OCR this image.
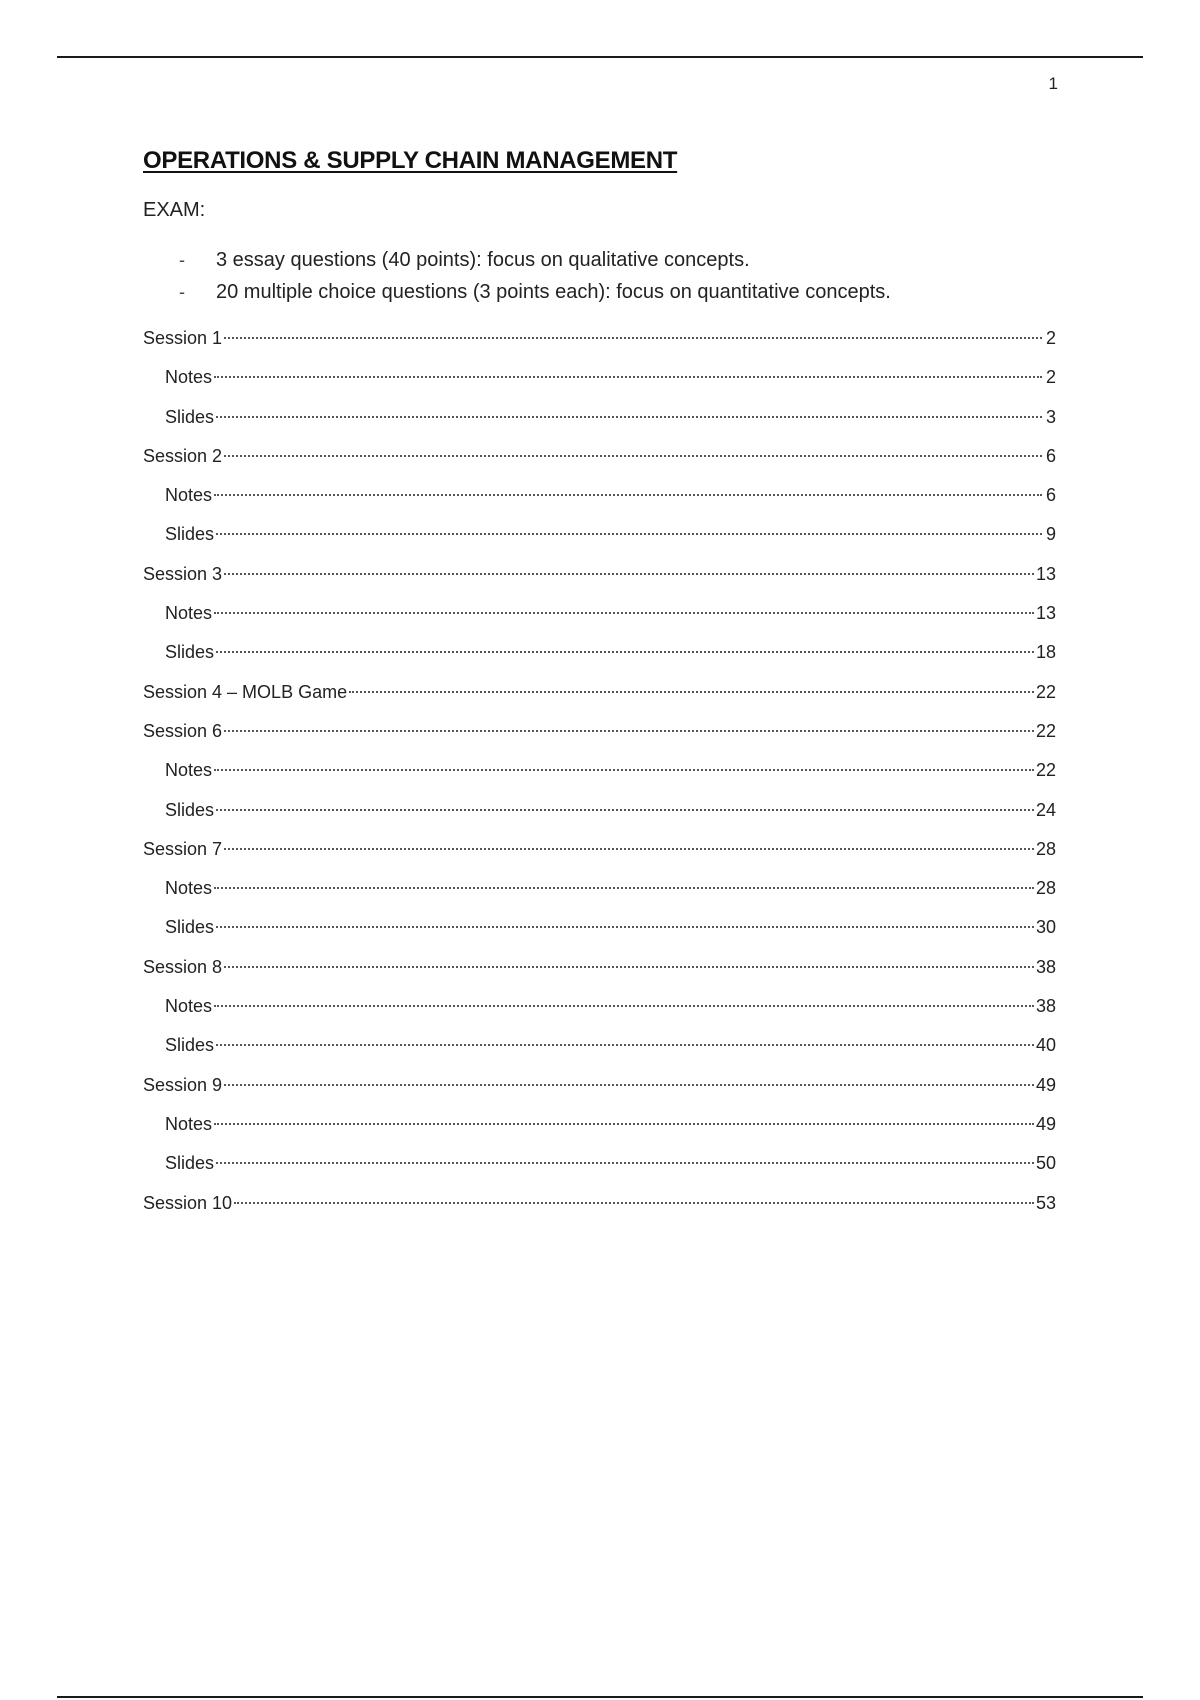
1
OPERATIONS & SUPPLY CHAIN MANAGEMENT
EXAM:
- 3 essay questions (40 points): focus on qualitative concepts.
- 20 multiple choice questions (3 points each): focus on quantitative concepts.
Session 1	2
Notes	2
Slides	3
Session 2	6
Notes	6
Slides	9
Session 3	13
Notes	13
Slides	18
Session 4 – MOLB Game	22
Session 6	22
Notes	22
Slides	24
Session 7	28
Notes	28
Slides	30
Session 8	38
Notes	38
Slides	40
Session 9	49
Notes	49
Slides	50
Session 10	53
